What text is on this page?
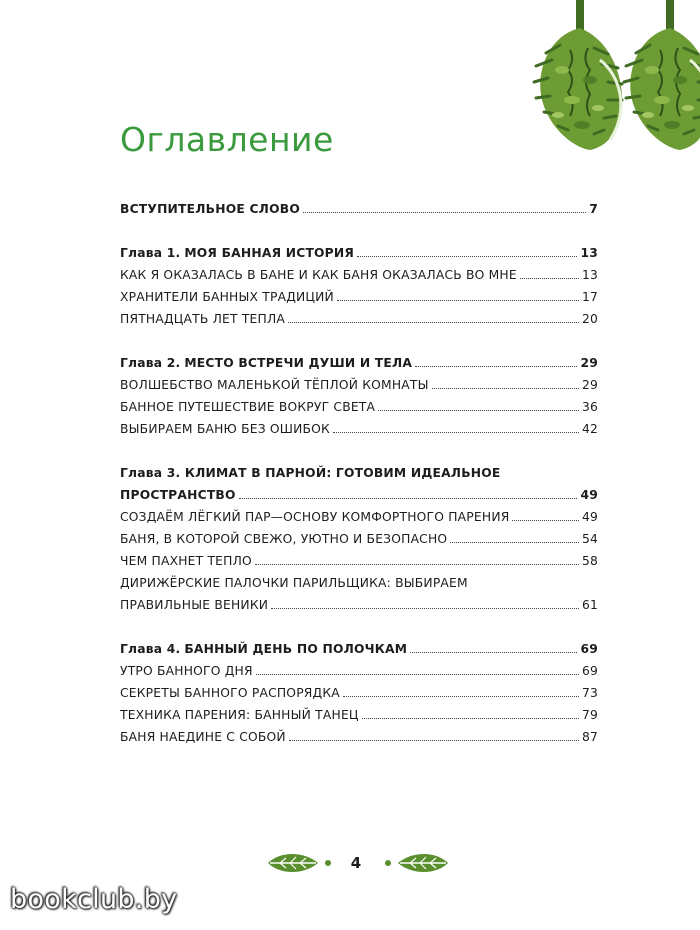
Оглавление
ВСТУПИТЕЛЬНОЕ СЛОВО	7
Глава 1. МОЯ БАННАЯ ИСТОРИЯ	13
КАК Я ОКАЗАЛАСЬ В БАНЕ И КАК БАНЯ ОКАЗАЛАСЬ ВО МНЕ	13
ХРАНИТЕЛИ БАННЫХ ТРАДИЦИЙ	17
ПЯТНАДЦАТЬ ЛЕТ ТЕПЛА	20
Глава 2. МЕСТО ВСТРЕЧИ ДУШИ И ТЕЛА	29
ВОЛШЕБСТВО МАЛЕНЬКОЙ ТЁПЛОЙ КОМНАТЫ	29
БАННОЕ ПУТЕШЕСТВИЕ ВОКРУГ СВЕТА	36
ВЫБИРАЕМ БАНЮ БЕЗ ОШИБОК	42
Глава 3. КЛИМАТ В ПАРНОЙ: ГОТОВИМ ИДЕАЛЬНОЕ
ПРОСТРАНСТВО	49
СОЗДАЁМ ЛЁГКИЙ ПАР—ОСНОВУ КОМФОРТНОГО ПАРЕНИЯ	49
БАНЯ, В КОТОРОЙ СВЕЖО, УЮТНО И БЕЗОПАСНО	54
ЧЕМ ПАХНЕТ ТЕПЛО	58
ДИРИЖЁРСКИЕ ПАЛОЧКИ ПАРИЛЬЩИКА: ВЫБИРАЕМ
ПРАВИЛЬНЫЕ ВЕНИКИ	61
Глава 4. БАННЫЙ ДЕНЬ ПО ПОЛОЧКАМ	69
УТРО БАННОГО ДНЯ	69
СЕКРЕТЫ БАННОГО РАСПОРЯДКА	73
ТЕХНИКА ПАРЕНИЯ: БАННЫЙ ТАНЕЦ	79
БАНЯ НАЕДИНЕ С СОБОЙ	87
4
bookclub.by
